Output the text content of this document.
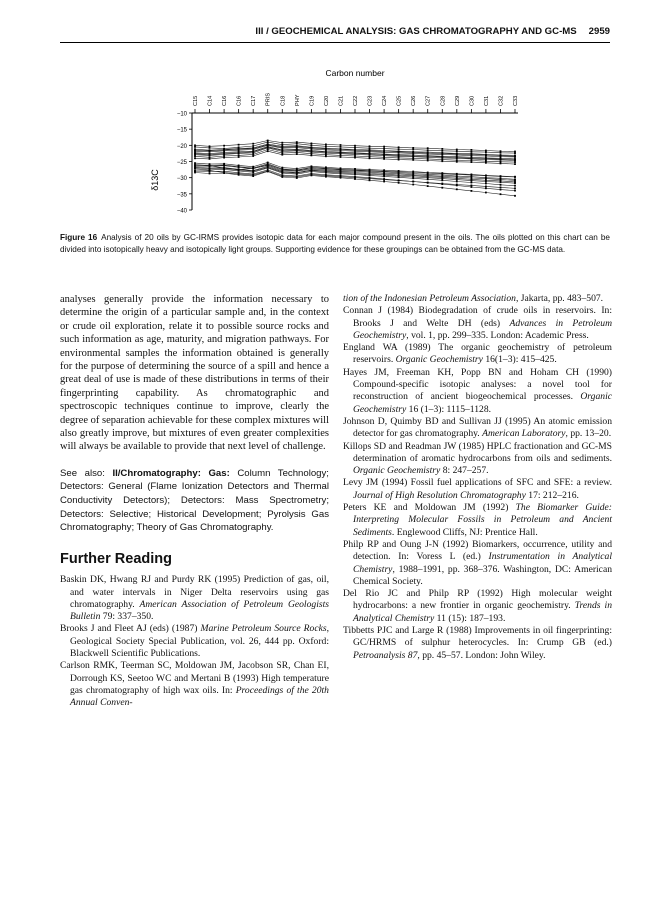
III / GEOCHEMICAL ANALYSIS: GAS CHROMATOGRAPHY AND GC-MS 2959
Carbon number
C15 C14 C16 C16 C17 PRIS C18 PHY C19 C20 C21 C22 C23 C24 C25 C26 C27 C28 C29 C30 C31 C32 C33
−10
−15
−20
−25
−30
−35
−40
δ13C
Figure 16 Analysis of 20 oils by GC-IRMS provides isotopic data for each major compound present in the oils. The oils plotted on this chart can be divided into isotopically heavy and isotopically light groups. Supporting evidence for these groupings can be obtained from the GC-MS data.

analyses generally provide the information necessary to determine the origin of a particular sample and, in the context or crude oil exploration, relate it to possible source rocks and such information as age, maturity, and migration pathways. For environmental samples the information obtained is generally for the purpose of determining the source of a spill and hence a great deal of use is made of these distributions in terms of their fingerprinting capability. As chromatographic and spectroscopic techniques continue to improve, clearly the degree of separation achievable for these complex mixtures will also greatly improve, but mixtures of even greater complexities will always be available to provide that next level of challenge.

See also: II/Chromatography: Gas: Column Technology; Detectors: General (Flame Ionization Detectors and Thermal Conductivity Detectors); Detectors: Mass Spectrometry; Detectors: Selective; Historical Development; Pyrolysis Gas Chromatography; Theory of Gas Chromatography.

Further Reading

Baskin DK, Hwang RJ and Purdy RK (1995) Prediction of gas, oil, and water intervals in Niger Delta reservoirs using gas chromatography. American Association of Petroleum Geologists Bulletin 79: 337–350.

Brooks J and Fleet AJ (eds) (1987) Marine Petroleum Source Rocks, Geological Society Special Publication, vol. 26, 444 pp. Oxford: Blackwell Scientific Publications.

Carlson RMK, Teerman SC, Moldowan JM, Jacobson SR, Chan EI, Dorrough KS, Seetoo WC and Mertani B (1993) High temperature gas chromatography of high wax oils. In: Proceedings of the 20th Annual Conven-

tion of the Indonesian Petroleum Association, Jakarta, pp. 483–507.

Connan J (1984) Biodegradation of crude oils in reservoirs. In: Brooks J and Welte DH (eds) Advances in Petroleum Geochemistry, vol. 1, pp. 299–335. London: Academic Press.

England WA (1989) The organic geochemistry of petroleum reservoirs. Organic Geochemistry 16(1–3): 415–425.

Hayes JM, Freeman KH, Popp BN and Hoham CH (1990) Compound-specific isotopic analyses: a novel tool for reconstruction of ancient biogeochemical processes. Organic Geochemistry 16 (1–3): 1115–1128.

Johnson D, Quimby BD and Sullivan JJ (1995) An atomic emission detector for gas chromatography. American Laboratory, pp. 13–20.

Killops SD and Readman JW (1985) HPLC fractionation and GC-MS determination of aromatic hydrocarbons from oils and sediments. Organic Geochemistry 8: 247–257.

Levy JM (1994) Fossil fuel applications of SFC and SFE: a review. Journal of High Resolution Chromatography 17: 212–216.

Peters KE and Moldowan JM (1992) The Biomarker Guide: Interpreting Molecular Fossils in Petroleum and Ancient Sediments. Englewood Cliffs, NJ: Prentice Hall.

Philp RP and Oung J-N (1992) Biomarkers, occurrence, utility and detection. In: Voress L (ed.) Instrumentation in Analytical Chemistry, 1988–1991, pp. 368–376. Washington, DC: American Chemical Society.

Del Rio JC and Philp RP (1992) High molecular weight hydrocarbons: a new frontier in organic geochemistry. Trends in Analytical Chemistry 11 (15): 187–193.

Tibbetts PJC and Large R (1988) Improvements in oil fingerprinting: GC/HRMS of sulphur heterocycles. In: Crump GB (ed.) Petroanalysis 87, pp. 45–57. London: John Wiley.
